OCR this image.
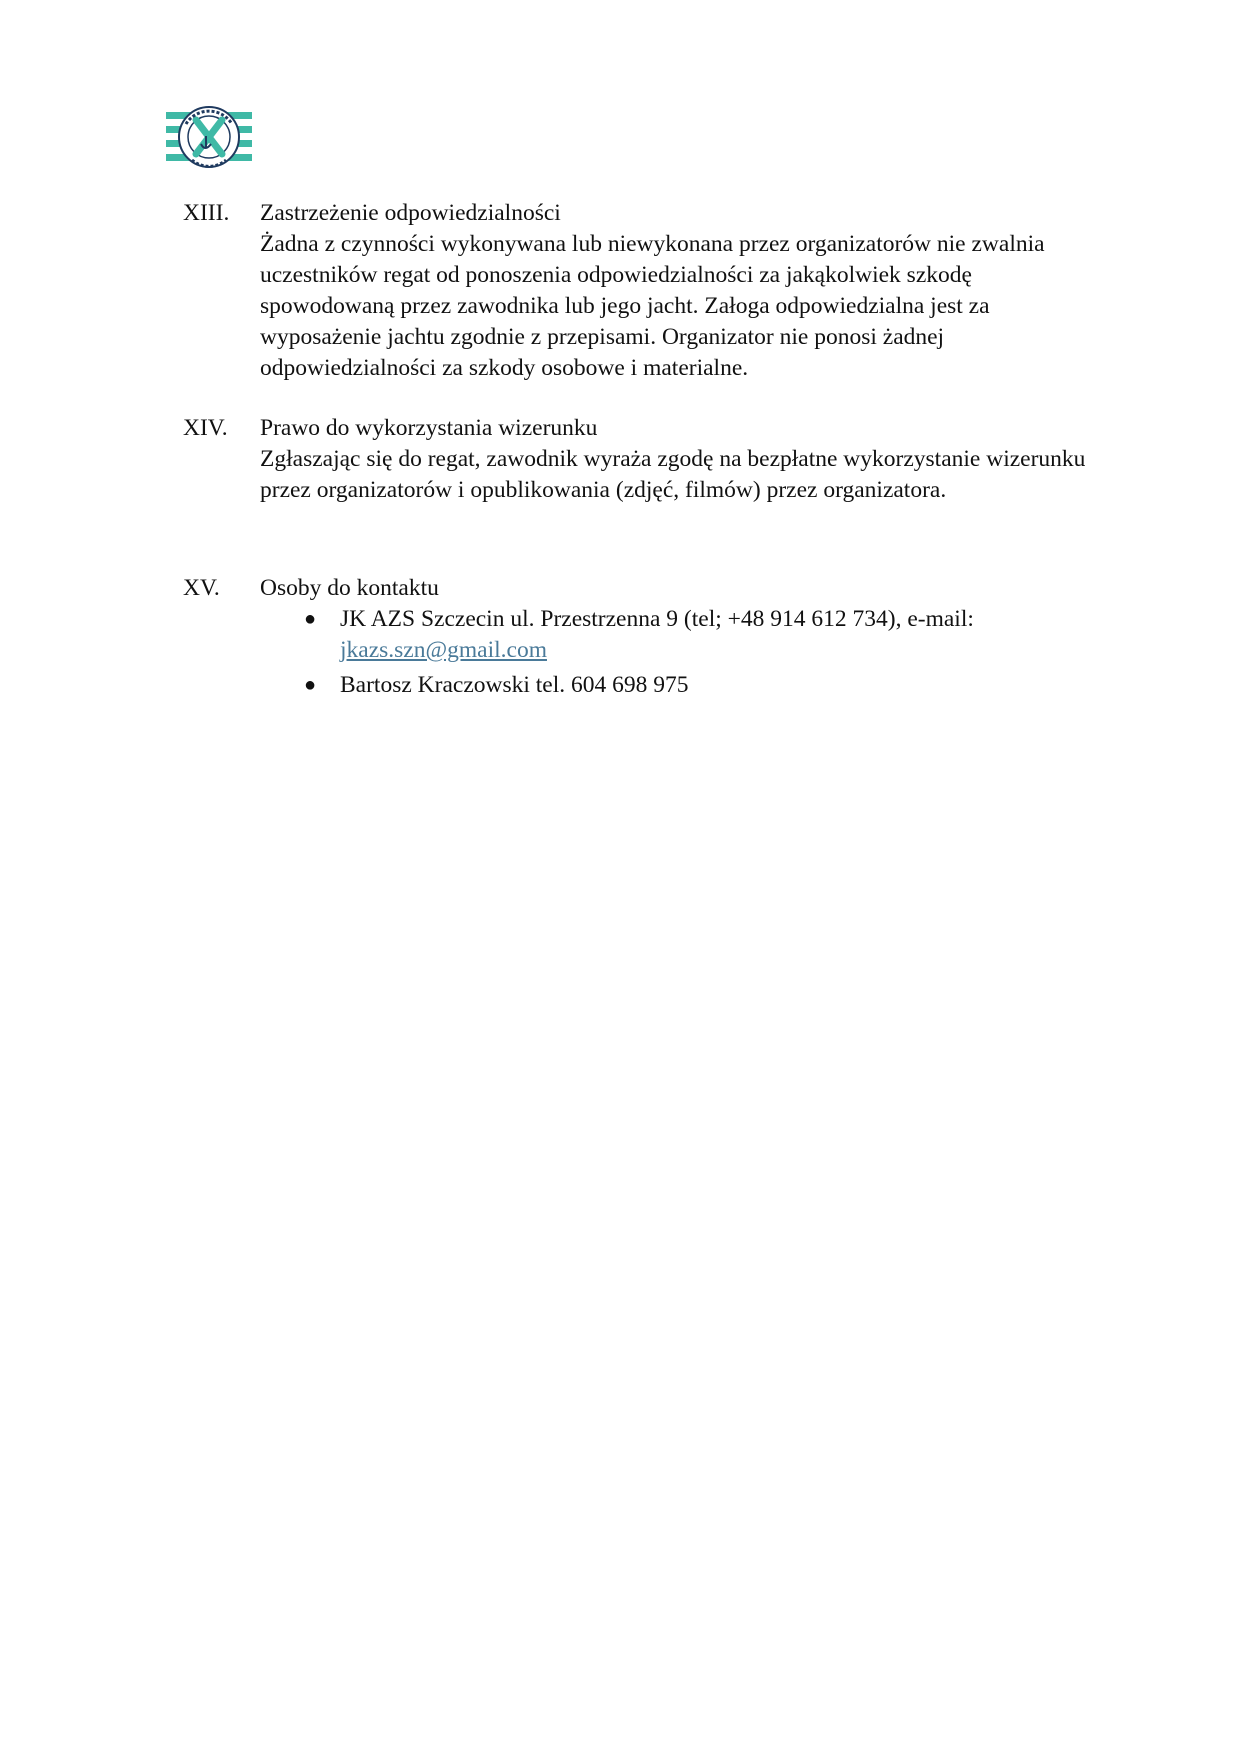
XIII.	Zastrzeżenie odpowiedzialności
Żadna z czynności wykonywana lub niewykonana przez organizatorów nie zwalnia uczestników regat od ponoszenia odpowiedzialności za jakąkolwiek szkodę spowodowaną przez zawodnika lub jego jacht. Załoga odpowiedzialna jest za wyposażenie jachtu zgodnie z przepisami. Organizator nie ponosi żadnej odpowiedzialności za szkody osobowe i materialne.
XIV.	Prawo do wykorzystania wizerunku
Zgłaszając się do regat, zawodnik wyraża zgodę na bezpłatne wykorzystanie wizerunku przez organizatorów i opublikowania (zdjęć, filmów) przez organizatora.
XV.	Osoby do kontaktu
● JK AZS Szczecin ul. Przestrzenna 9 (tel; +48 914 612 734), e-mail:
jkazs.szn@gmail.com
● Bartosz Kraczowski tel. 604 698 975
